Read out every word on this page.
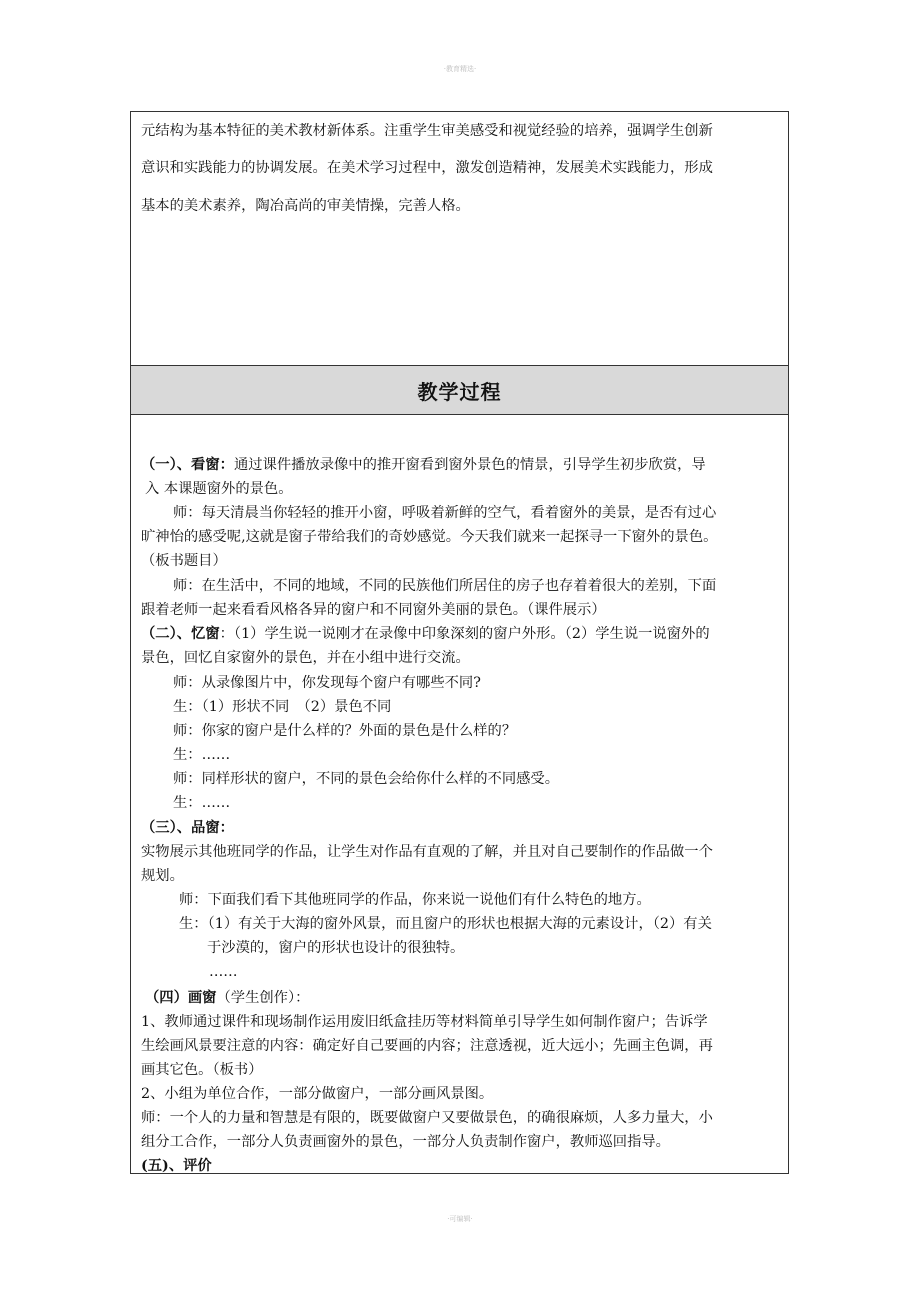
·教育精选·

元结构为基本特征的美术教材新体系。注重学生审美感受和视觉经验的培养，强调学生创新

意识和实践能力的协调发展。在美术学习过程中，激发创造精神，发展美术实践能力，形成

基本的美术素养，陶冶高尚的审美情操，完善人格。

教学过程
（一）、看窗：通过课件播放录像中的推开窗看到窗外景色的情景，引导学生初步欣赏，导
入 本课题窗外的景色。
师：每天清晨当你轻轻的推开小窗，呼吸着新鲜的空气，看着窗外的美景，是否有过心
旷神怡的感受呢,这就是窗子带给我们的奇妙感觉。今天我们就来一起探寻一下窗外的景色。
（板书题目）
师：在生活中，不同的地域，不同的民族他们所居住的房子也存着着很大的差别，下面
跟着老师一起来看看风格各异的窗户和不同窗外美丽的景色。（课件展示）
（二）、忆窗：（1）学生说一说刚才在录像中印象深刻的窗户外形。（2）学生说一说窗外的
景色，回忆自家窗外的景色，并在小组中进行交流。
师：从录像图片中，你发现每个窗户有哪些不同?
生：（1）形状不同　（2）景色不同
师：你家的窗户是什么样的？外面的景色是什么样的？
生：……
师：同样形状的窗户，不同的景色会给你什么样的不同感受。
生：……
（三）、品窗：
实物展示其他班同学的作品，让学生对作品有直观的了解，并且对自己要制作的作品做一个
规划。
师：下面我们看下其他班同学的作品，你来说一说他们有什么特色的地方。
生：（1）有关于大海的窗外风景，而且窗户的形状也根据大海的元素设计，（2）有关
于沙漠的，窗户的形状也设计的很独特。
……
（四）画窗（学生创作）：
1、教师通过课件和现场制作运用废旧纸盒挂历等材料简单引导学生如何制作窗户；告诉学
生绘画风景要注意的内容：确定好自己要画的内容；注意透视，近大远小；先画主色调，再
画其它色。（板书）
2、小组为单位合作，一部分做窗户，一部分画风景图。
师：一个人的力量和智慧是有限的，既要做窗户又要做景色，的确很麻烦，人多力量大，小
组分工合作，一部分人负责画窗外的景色，一部分人负责制作窗户，教师巡回指导。
(五)、评价
·可编辑·
